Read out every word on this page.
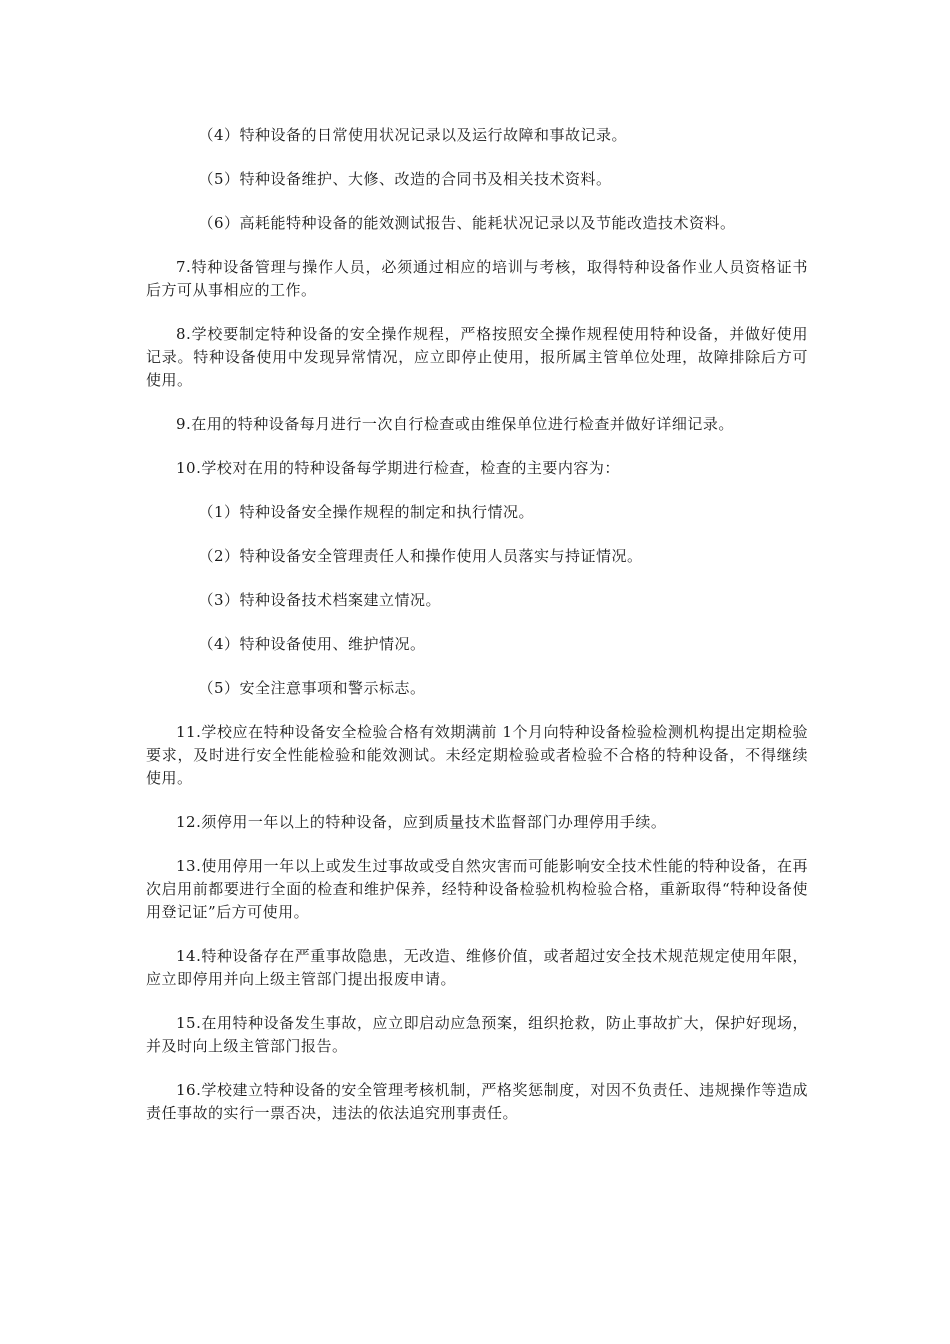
（4）特种设备的日常使用状况记录以及运行故障和事故记录。

（5）特种设备维护、大修、改造的合同书及相关技术资料。

（6）高耗能特种设备的能效测试报告、能耗状况记录以及节能改造技术资料。

7.特种设备管理与操作人员，必须通过相应的培训与考核，取得特种设备作业人员资格证书后方可从事相应的工作。

8.学校要制定特种设备的安全操作规程，严格按照安全操作规程使用特种设备，并做好使用记录。特种设备使用中发现异常情况，应立即停止使用，报所属主管单位处理，故障排除后方可使用。

9.在用的特种设备每月进行一次自行检查或由维保单位进行检查并做好详细记录。

10.学校对在用的特种设备每学期进行检查，检查的主要内容为：

（1）特种设备安全操作规程的制定和执行情况。

（2）特种设备安全管理责任人和操作使用人员落实与持证情况。

（3）特种设备技术档案建立情况。

（4）特种设备使用、维护情况。

（5）安全注意事项和警示标志。

11.学校应在特种设备安全检验合格有效期满前 1个月向特种设备检验检测机构提出定期检验要求，及时进行安全性能检验和能效测试。未经定期检验或者检验不合格的特种设备，不得继续使用。

12.须停用一年以上的特种设备，应到质量技术监督部门办理停用手续。

13.使用停用一年以上或发生过事故或受自然灾害而可能影响安全技术性能的特种设备，在再次启用前都要进行全面的检查和维护保养，经特种设备检验机构检验合格，重新取得“特种设备使用登记证”后方可使用。

14.特种设备存在严重事故隐患，无改造、维修价值，或者超过安全技术规范规定使用年限，应立即停用并向上级主管部门提出报废申请。

15.在用特种设备发生事故，应立即启动应急预案，组织抢救，防止事故扩大，保护好现场，并及时向上级主管部门报告。

16.学校建立特种设备的安全管理考核机制，严格奖惩制度，对因不负责任、违规操作等造成责任事故的实行一票否决，违法的依法追究刑事责任。
